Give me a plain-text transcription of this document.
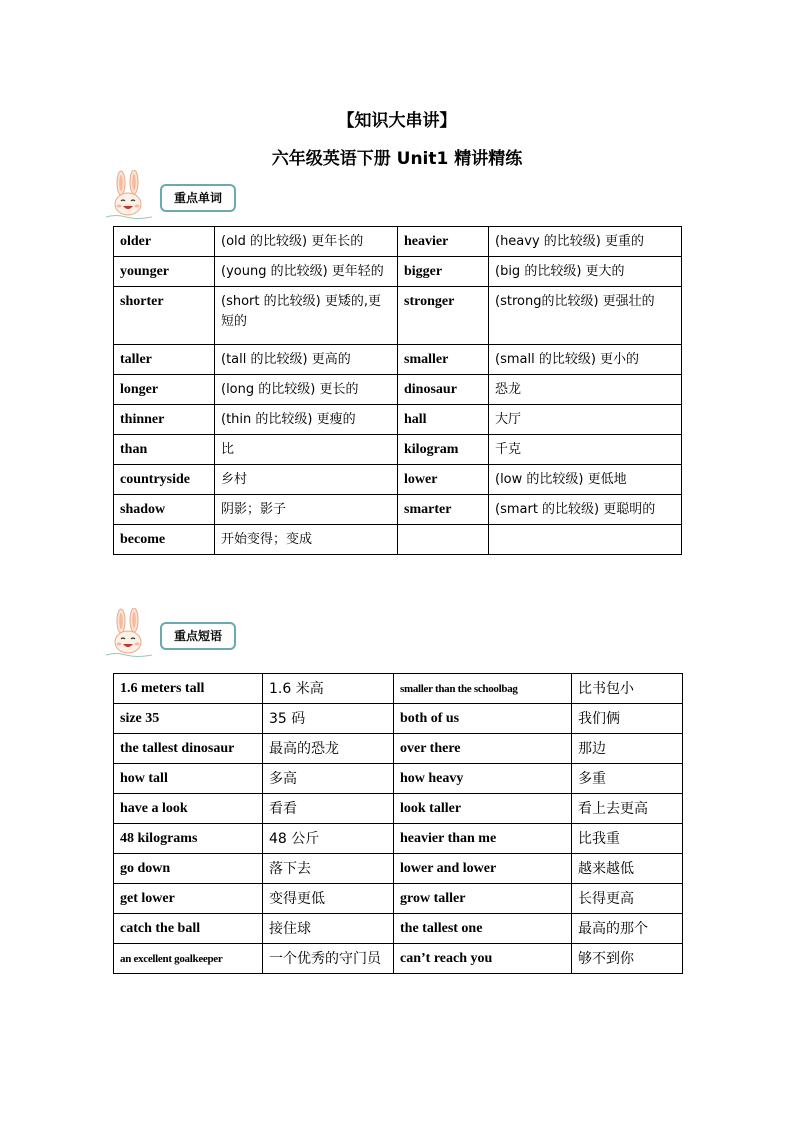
【知识大串讲】
六年级英语下册 Unit1 精讲精练
重点单词
older	(old 的比较级) 更年长的	heavier	(heavy 的比较级) 更重的
younger	(young 的比较级) 更年轻的	bigger	(big 的比较级) 更大的
shorter	(short 的比较级) 更矮的,更短的	stronger	(strong的比较级) 更强壮的
taller	(tall 的比较级) 更高的	smaller	(small 的比较级) 更小的
longer	(long 的比较级) 更长的	dinosaur	恐龙
thinner	(thin 的比较级) 更瘦的	hall	大厅
than	比	kilogram	千克
countryside	乡村	lower	(low 的比较级) 更低地
shadow	阴影；影子	smarter	(smart 的比较级) 更聪明的
become	开始变得；变成		
重点短语
1.6 meters tall	1.6 米高	smaller than the schoolbag	比书包小
size 35	35 码	both of us	我们俩
the tallest dinosaur	最高的恐龙	over there	那边
how tall	多高	how heavy	多重
have a look	看看	look taller	看上去更高
48 kilograms	48 公斤	heavier than me	比我重
go down	落下去	lower and lower	越来越低
get lower	变得更低	grow taller	长得更高
catch the ball	接住球	the tallest one	最高的那个
an excellent goalkeeper	一个优秀的守门员	can’t reach you	够不到你
